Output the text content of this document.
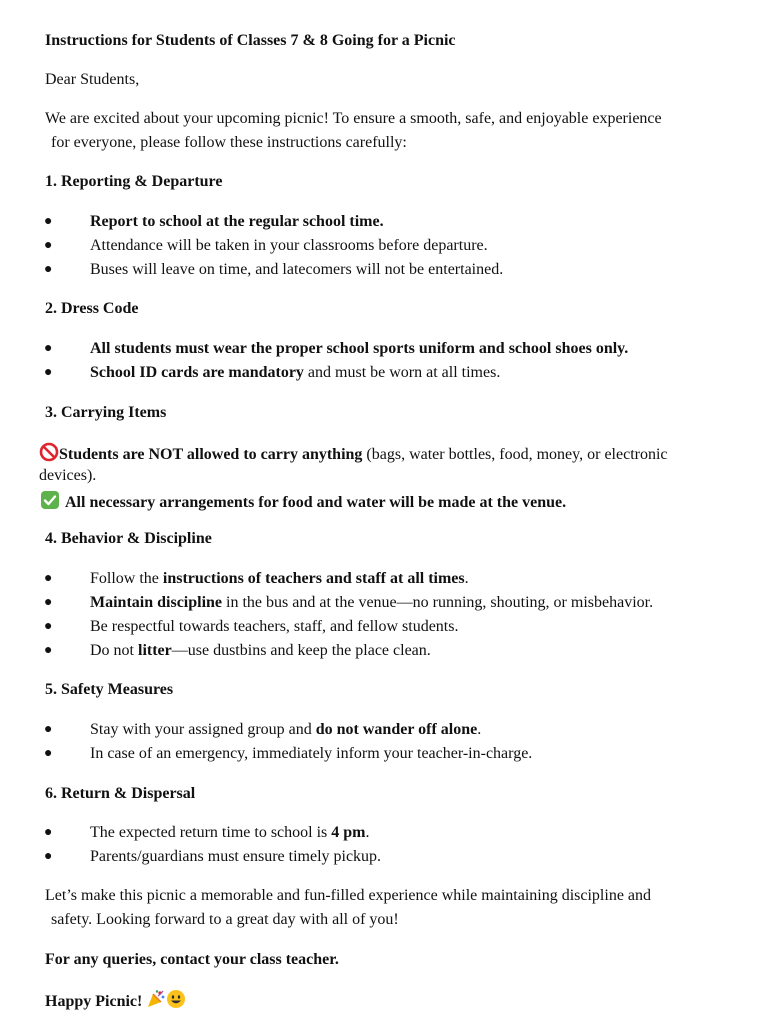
Instructions for Students of Classes 7 & 8 Going for a Picnic
Dear Students,
We are excited about your upcoming picnic! To ensure a smooth, safe, and enjoyable experience
for everyone, please follow these instructions carefully:
1. Reporting & Departure
● Report to school at the regular school time.
● Attendance will be taken in your classrooms before departure.
● Buses will leave on time, and latecomers will not be entertained.
2. Dress Code
● All students must wear the proper school sports uniform and school shoes only.
● School ID cards are mandatory and must be worn at all times.
3. Carrying Items
Students are NOT allowed to carry anything (bags, water bottles, food, money, or electronic
devices).
All necessary arrangements for food and water will be made at the venue.
4. Behavior & Discipline
● Follow the instructions of teachers and staff at all times.
● Maintain discipline in the bus and at the venue—no running, shouting, or misbehavior.
● Be respectful towards teachers, staff, and fellow students.
● Do not litter—use dustbins and keep the place clean.
5. Safety Measures
● Stay with your assigned group and do not wander off alone.
● In case of an emergency, immediately inform your teacher-in-charge.
6. Return & Dispersal
● The expected return time to school is 4 pm.
● Parents/guardians must ensure timely pickup.
Let’s make this picnic a memorable and fun-filled experience while maintaining discipline and
safety. Looking forward to a great day with all of you!
For any queries, contact your class teacher.
Happy Picnic!
